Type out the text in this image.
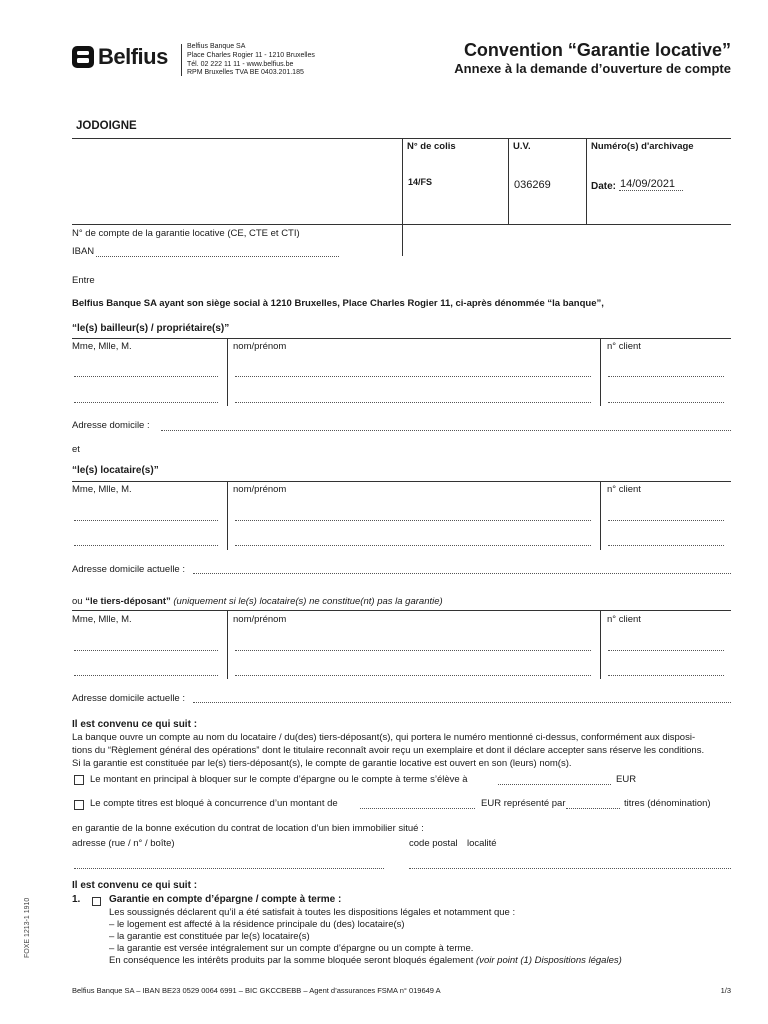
Belfius	Belfius Banque SA
Place Charles Rogier 11 - 1210 Bruxelles
Tél. 02 222 11 11 - www.belfius.be
RPM Bruxelles TVA BE 0403.201.185
Convention “Garantie locative”
Annexe à la demande d’ouverture de compte
JODOIGNE
N° de colis	U.V.	Numéro(s) d'archivage
14/FS	036269	Date: 14/09/2021
N° de compte de la garantie locative (CE, CTE et CTI)
IBAN
Entre
Belfius Banque SA ayant son siège social à 1210 Bruxelles, Place Charles Rogier 11, ci-après dénommée “la banque”,
“le(s) bailleur(s) / propriétaire(s)”
Mme, Mlle, M.	nom/prénom	n° client
Adresse domicile :
et
“le(s) locataire(s)”
Mme, Mlle, M.	nom/prénom	n° client
Adresse domicile actuelle :
ou “le tiers-déposant” (uniquement si le(s) locataire(s) ne constitue(nt) pas la garantie)
Mme, Mlle, M.	nom/prénom	n° client
Adresse domicile actuelle :
Il est convenu ce qui suit :
La banque ouvre un compte au nom du locataire / du(des) tiers-déposant(s), qui portera le numéro mentionné ci-dessus, conformément aux disposi-
tions du “Règlement général des opérations” dont le titulaire reconnaît avoir reçu un exemplaire et dont il déclare accepter sans réserve les conditions.
Si la garantie est constituée par le(s) tiers-déposant(s), le compte de garantie locative est ouvert en son (leurs) nom(s).
Le montant en principal à bloquer sur le compte d’épargne ou le compte à terme s’élève à	EUR
Le compte titres est bloqué à concurrence d’un montant de	EUR représenté par	titres (dénomination)
en garantie de la bonne exécution du contrat de location d’un bien immobilier situé :
adresse (rue / n° / boîte)	code postal localité
Il est convenu ce qui suit :
1.	Garantie en compte d’épargne / compte à terme :
Les soussignés déclarent qu’il a été satisfait à toutes les dispositions légales et notamment que :
– le logement est affecté à la résidence principale du (des) locataire(s)
– la garantie est constituée par le(s) locataire(s)
– la garantie est versée intégralement sur un compte d’épargne ou un compte à terme.
En conséquence les intérêts produits par la somme bloquée seront bloqués également (voir point (1) Dispositions légales)
FOXE 1213-1 1910
Belfius Banque SA – IBAN BE23 0529 0064 6991 – BIC GKCCBEBB – Agent d’assurances FSMA n° 019649 A	1/3
